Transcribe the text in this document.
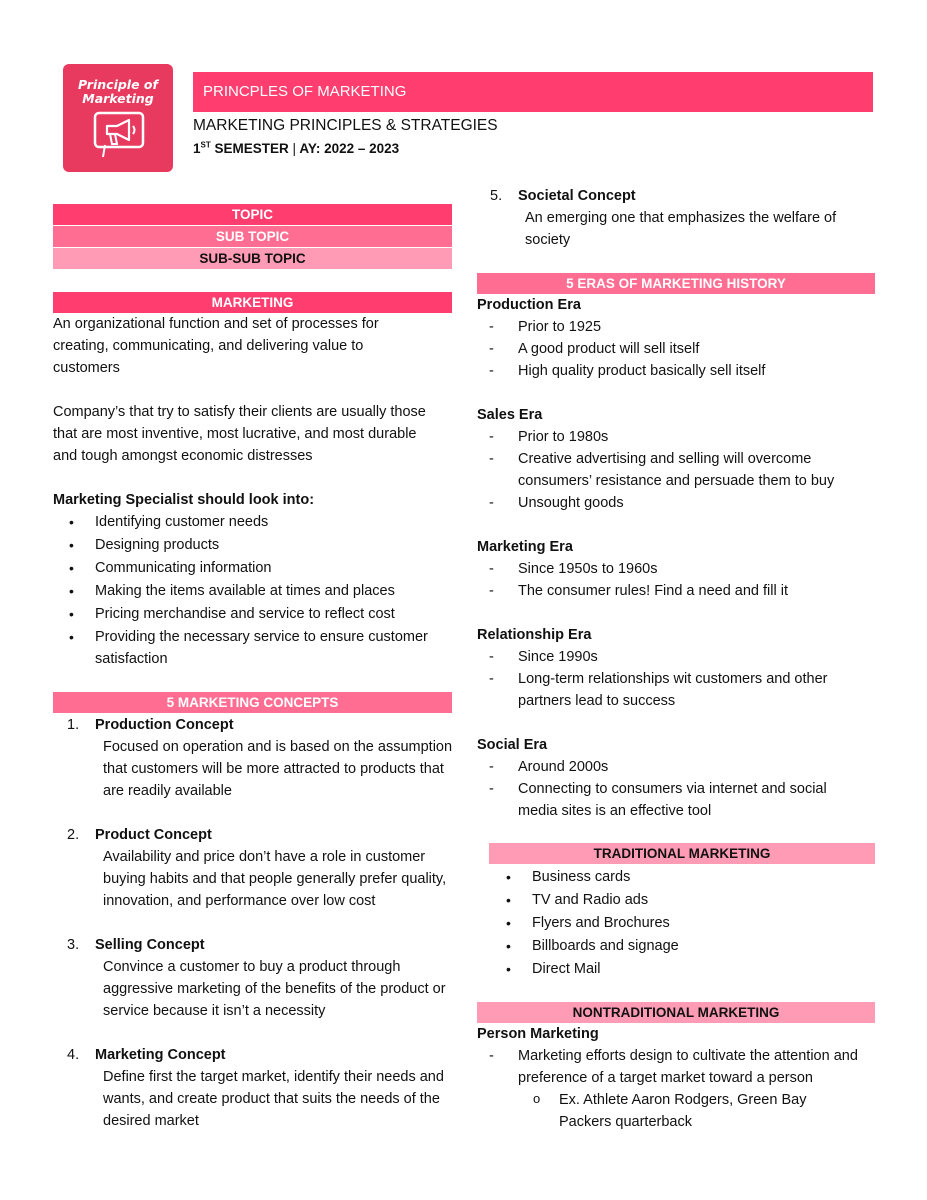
Principle of Marketing	PRINCPLES OF MARKETING
MARKETING PRINCIPLES & STRATEGIES
1ST SEMESTER | AY: 2022 – 2023
TOPIC
SUB TOPIC
SUB-SUB TOPIC
MARKETING
An organizational function and set of processes for creating, communicating, and delivering value to customers
Company’s that try to satisfy their clients are usually those that are most inventive, most lucrative, and most durable and tough amongst economic distresses
Marketing Specialist should look into:
• Identifying customer needs
• Designing products
• Communicating information
• Making the items available at times and places
• Pricing merchandise and service to reflect cost
• Providing the necessary service to ensure customer satisfaction
5 MARKETING CONCEPTS
1. Production Concept
Focused on operation and is based on the assumption that customers will be more attracted to products that are readily available
2. Product Concept
Availability and price don’t have a role in customer buying habits and that people generally prefer quality, innovation, and performance over low cost
3. Selling Concept
Convince a customer to buy a product through aggressive marketing of the benefits of the product or service because it isn’t a necessity
4. Marketing Concept
Define first the target market, identify their needs and wants, and create product that suits the needs of the desired market
5. Societal Concept
An emerging one that emphasizes the welfare of society
5 ERAS OF MARKETING HISTORY
Production Era
- Prior to 1925
- A good product will sell itself
- High quality product basically sell itself
Sales Era
- Prior to 1980s
- Creative advertising and selling will overcome consumers’ resistance and persuade them to buy
- Unsought goods
Marketing Era
- Since 1950s to 1960s
- The consumer rules! Find a need and fill it
Relationship Era
- Since 1990s
- Long-term relationships wit customers and other partners lead to success
Social Era
- Around 2000s
- Connecting to consumers via internet and social media sites is an effective tool
TRADITIONAL MARKETING
• Business cards
• TV and Radio ads
• Flyers and Brochures
• Billboards and signage
• Direct Mail
NONTRADITIONAL MARKETING
Person Marketing
- Marketing efforts design to cultivate the attention and preference of a target market toward a person
o Ex. Athlete Aaron Rodgers, Green Bay Packers quarterback
